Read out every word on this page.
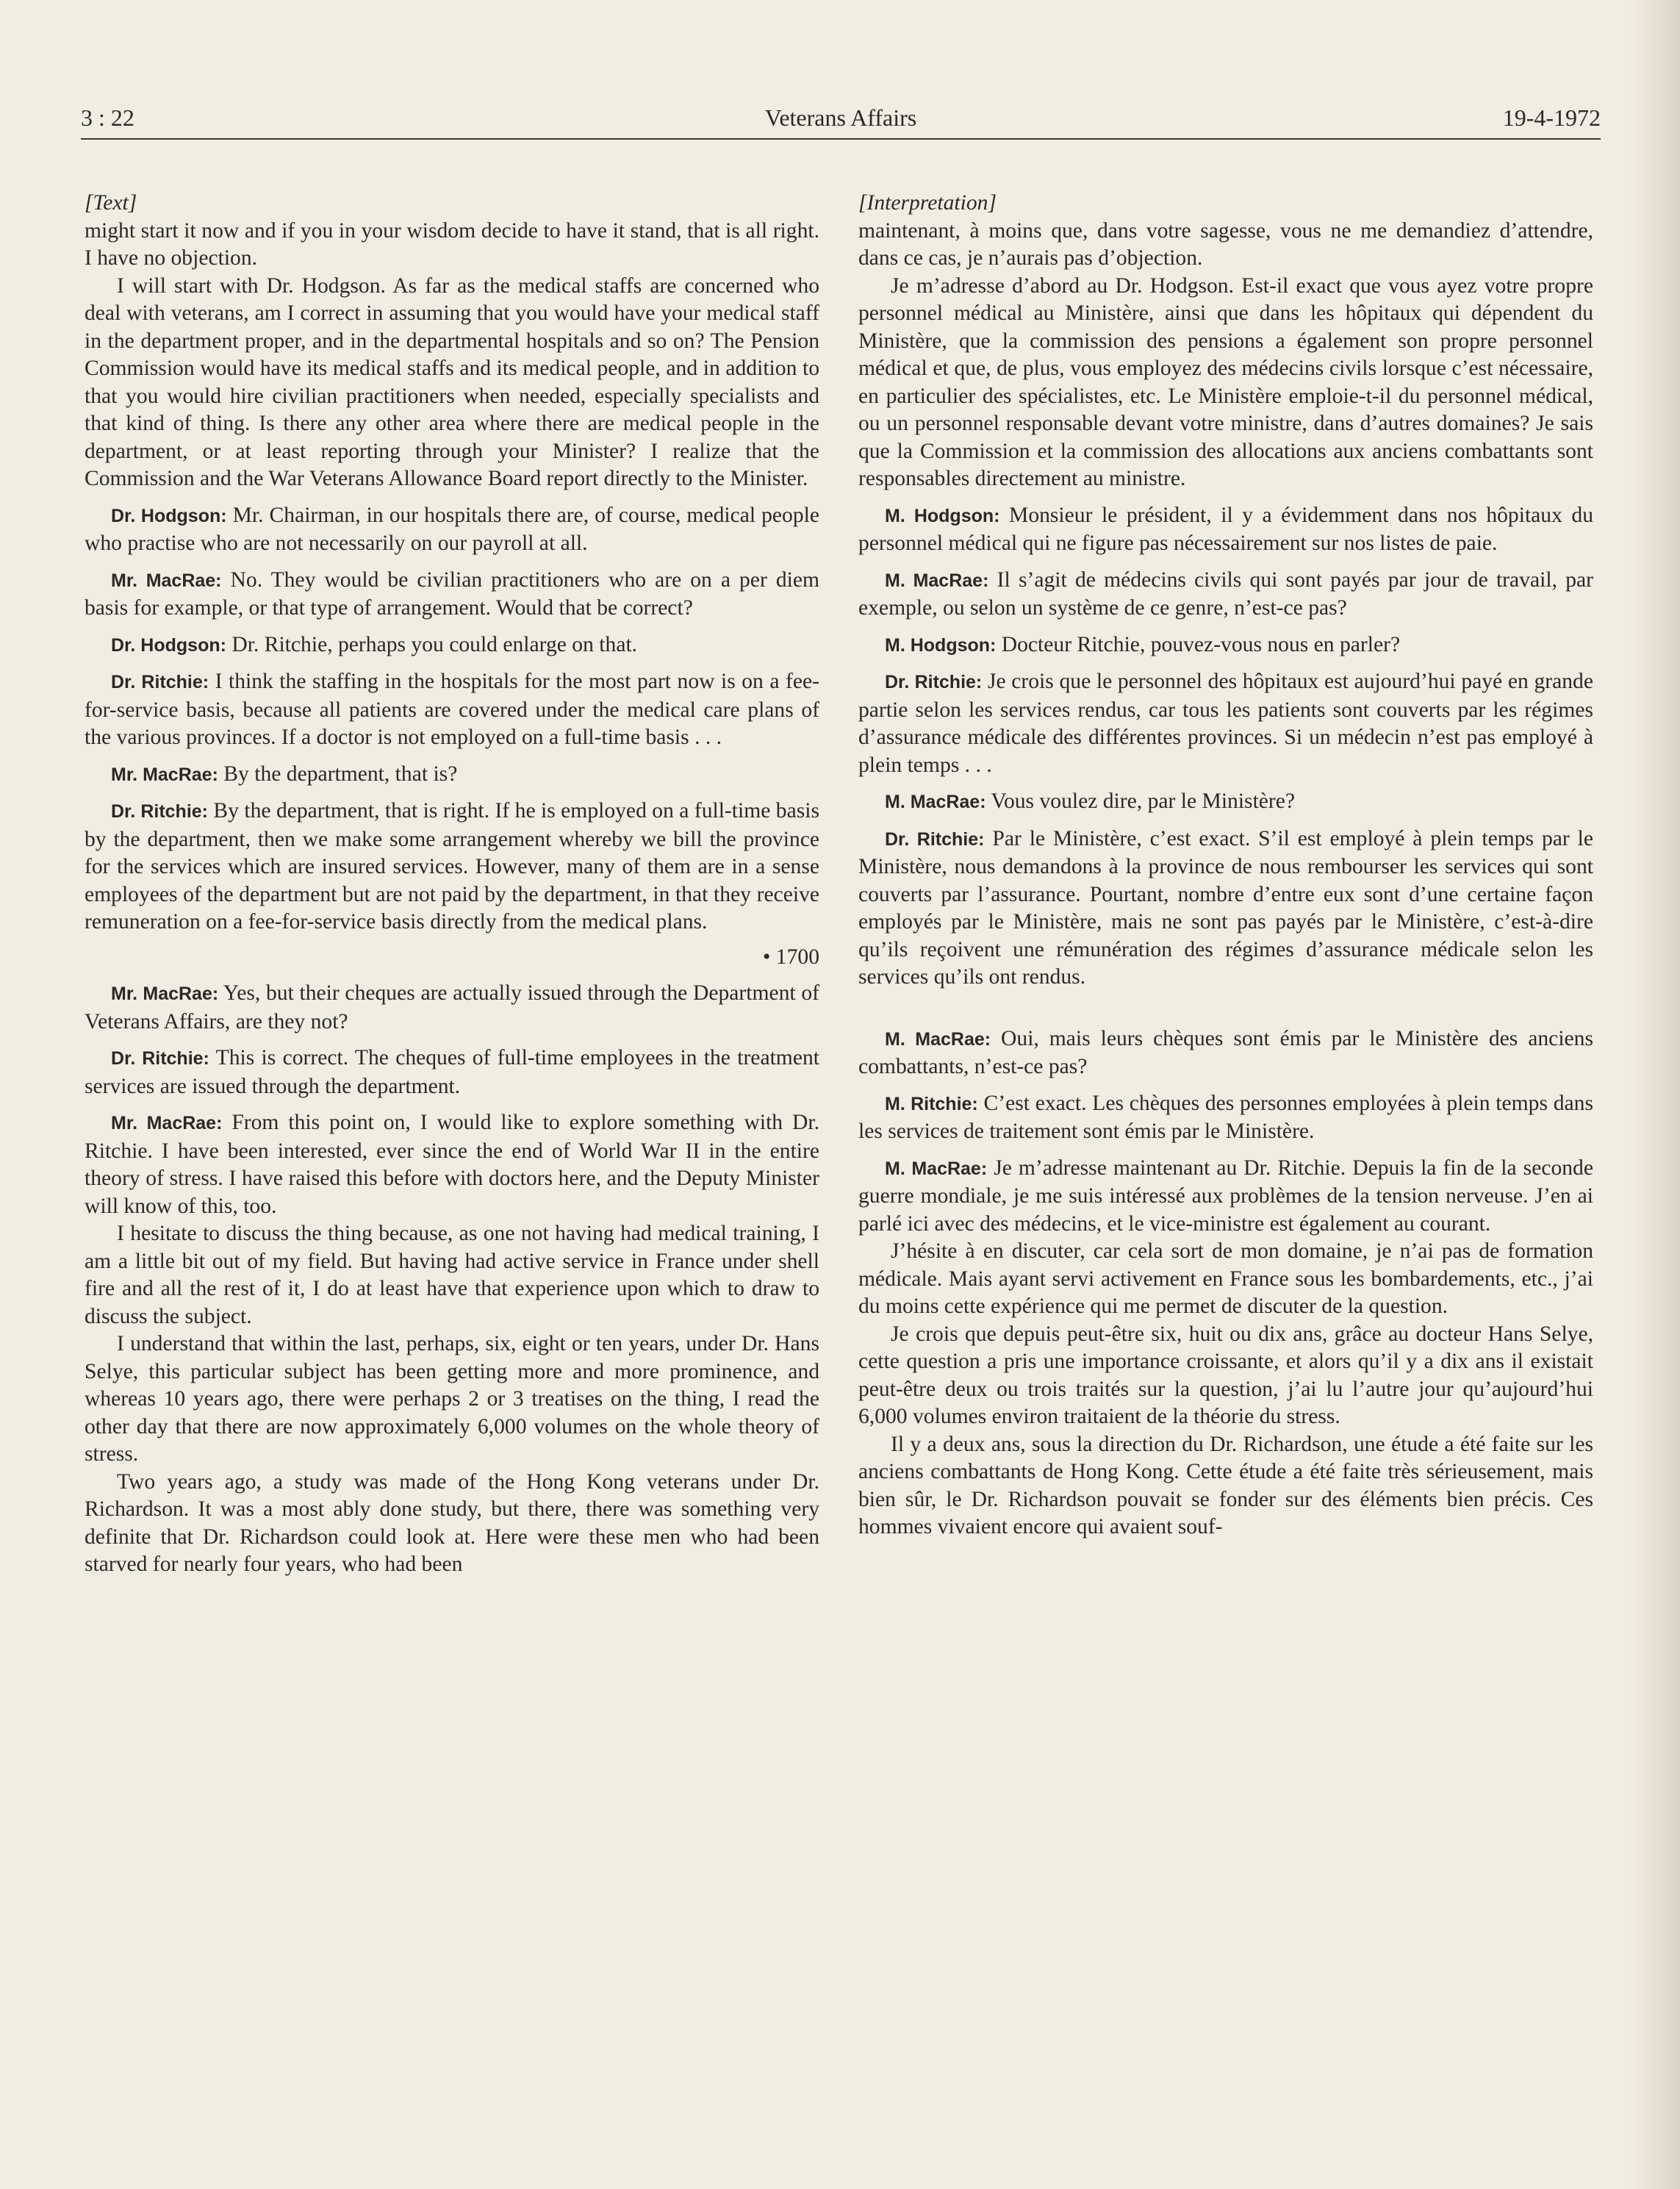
3 : 22	Veterans Affairs	19-4-1972

[Text]

might start it now and if you in your wisdom decide to have it stand, that is all right. I have no objection.

I will start with Dr. Hodgson. As far as the medical staffs are concerned who deal with veterans, am I correct in assuming that you would have your medical staff in the department proper, and in the departmental hospitals and so on? The Pension Commission would have its medical staffs and its medical people, and in addition to that you would hire civilian practitioners when needed, especially specialists and that kind of thing. Is there any other area where there are medical people in the department, or at least reporting through your Minister? I realize that the Commission and the War Veterans Allowance Board report directly to the Minister.

Dr. Hodgson: Mr. Chairman, in our hospitals there are, of course, medical people who practise who are not necessarily on our payroll at all.

Mr. MacRae: No. They would be civilian practitioners who are on a per diem basis for example, or that type of arrangement. Would that be correct?

Dr. Hodgson: Dr. Ritchie, perhaps you could enlarge on that.

Dr. Ritchie: I think the staffing in the hospitals for the most part now is on a fee-for-service basis, because all patients are covered under the medical care plans of the various provinces. If a doctor is not employed on a full-time basis . . .

Mr. MacRae: By the department, that is?

Dr. Ritchie: By the department, that is right. If he is employed on a full-time basis by the department, then we make some arrangement whereby we bill the province for the services which are insured services. However, many of them are in a sense employees of the department but are not paid by the department, in that they receive remuneration on a fee-for-service basis directly from the medical plans.

• 1700

Mr. MacRae: Yes, but their cheques are actually issued through the Department of Veterans Affairs, are they not?

Dr. Ritchie: This is correct. The cheques of full-time employees in the treatment services are issued through the department.

Mr. MacRae: From this point on, I would like to explore something with Dr. Ritchie. I have been interested, ever since the end of World War II in the entire theory of stress. I have raised this before with doctors here, and the Deputy Minister will know of this, too.

I hesitate to discuss the thing because, as one not having had medical training, I am a little bit out of my field. But having had active service in France under shell fire and all the rest of it, I do at least have that experience upon which to draw to discuss the subject.

I understand that within the last, perhaps, six, eight or ten years, under Dr. Hans Selye, this particular subject has been getting more and more prominence, and whereas 10 years ago, there were perhaps 2 or 3 treatises on the thing, I read the other day that there are now approximately 6,000 volumes on the whole theory of stress.

Two years ago, a study was made of the Hong Kong veterans under Dr. Richardson. It was a most ably done study, but there, there was something very definite that Dr. Richardson could look at. Here were these men who had been starved for nearly four years, who had been

[Interpretation]

maintenant, à moins que, dans votre sagesse, vous ne me demandiez d’attendre, dans ce cas, je n’aurais pas d’objection.

Je m’adresse d’abord au Dr. Hodgson. Est-il exact que vous ayez votre propre personnel médical au Ministère, ainsi que dans les hôpitaux qui dépendent du Ministère, que la commission des pensions a également son propre personnel médical et que, de plus, vous employez des médecins civils lorsque c’est nécessaire, en particulier des spécialistes, etc. Le Ministère emploie-t-il du personnel médical, ou un personnel responsable devant votre ministre, dans d’autres domaines? Je sais que la Commission et la commission des allocations aux anciens combattants sont responsables directement au ministre.

M. Hodgson: Monsieur le président, il y a évidemment dans nos hôpitaux du personnel médical qui ne figure pas nécessairement sur nos listes de paie.

M. MacRae: Il s’agit de médecins civils qui sont payés par jour de travail, par exemple, ou selon un système de ce genre, n’est-ce pas?

M. Hodgson: Docteur Ritchie, pouvez-vous nous en parler?

Dr. Ritchie: Je crois que le personnel des hôpitaux est aujourd’hui payé en grande partie selon les services rendus, car tous les patients sont couverts par les régimes d’assurance médicale des différentes provinces. Si un médecin n’est pas employé à plein temps . . .

M. MacRae: Vous voulez dire, par le Ministère?

Dr. Ritchie: Par le Ministère, c’est exact. S’il est employé à plein temps par le Ministère, nous demandons à la province de nous rembourser les services qui sont couverts par l’assurance. Pourtant, nombre d’entre eux sont d’une certaine façon employés par le Ministère, mais ne sont pas payés par le Ministère, c’est-à-dire qu’ils reçoivent une rémunération des régimes d’assurance médicale selon les services qu’ils ont rendus.

M. MacRae: Oui, mais leurs chèques sont émis par le Ministère des anciens combattants, n’est-ce pas?

M. Ritchie: C’est exact. Les chèques des personnes employées à plein temps dans les services de traitement sont émis par le Ministère.

M. MacRae: Je m’adresse maintenant au Dr. Ritchie. Depuis la fin de la seconde guerre mondiale, je me suis intéressé aux problèmes de la tension nerveuse. J’en ai parlé ici avec des médecins, et le vice-ministre est également au courant.

J’hésite à en discuter, car cela sort de mon domaine, je n’ai pas de formation médicale. Mais ayant servi activement en France sous les bombardements, etc., j’ai du moins cette expérience qui me permet de discuter de la question.

Je crois que depuis peut-être six, huit ou dix ans, grâce au docteur Hans Selye, cette question a pris une importance croissante, et alors qu’il y a dix ans il existait peut-être deux ou trois traités sur la question, j’ai lu l’autre jour qu’aujourd’hui 6,000 volumes environ traitaient de la théorie du stress.

Il y a deux ans, sous la direction du Dr. Richardson, une étude a été faite sur les anciens combattants de Hong Kong. Cette étude a été faite très sérieusement, mais bien sûr, le Dr. Richardson pouvait se fonder sur des éléments bien précis. Ces hommes vivaient encore qui avaient souf-
